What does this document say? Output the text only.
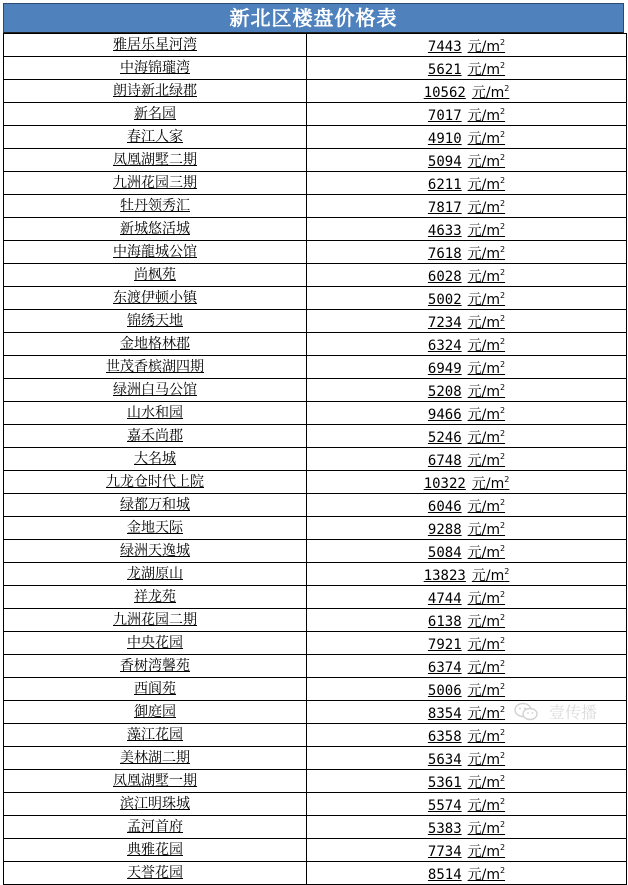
新北区楼盘价格表
雅居乐星河湾	7443 元$/m^2$
中海锦瓏湾	5621 元$/m^2$
朗诗新北绿郡	10562 元$/m^2$
新名园	7017 元$/m^2$
春江人家	4910 元$/m^2$
凤凰湖墅二期	5094 元$/m^2$
九洲花园三期	6211 元$/m^2$
牡丹领秀汇	7817 元$/m^2$
新城悠活城	4633 元$/m^2$
中海龍城公馆	7618 元$/m^2$
尚枫苑	6028 元$/m^2$
东渡伊顿小镇	5002 元$/m^2$
锦绣天地	7234 元$/m^2$
金地格林郡	6324 元$/m^2$
世茂香槟湖四期	6949 元$/m^2$
绿洲白马公馆	5208 元$/m^2$
山水和园	9466 元$/m^2$
嘉禾尚郡	5246 元$/m^2$
大名城	6748 元$/m^2$
九龙仓时代上院	10322 元$/m^2$
绿都万和城	6046 元$/m^2$
金地天际	9288 元$/m^2$
绿洲天逸城	5084 元$/m^2$
龙湖原山	13823 元$/m^2$
祥龙苑	4744 元$/m^2$
九洲花园二期	6138 元$/m^2$
中央花园	7921 元$/m^2$
香树湾馨苑	6374 元$/m^2$
西阆苑	5006 元$/m^2$
御庭园	8354 元$/m^2$
藻江花园	6358 元$/m^2$
美林湖二期	5634 元$/m^2$
凤凰湖墅一期	5361 元$/m^2$
滨江明珠城	5574 元$/m^2$
孟河首府	5383 元$/m^2$
典雅花园	7734 元$/m^2$
天誉花园	8514 元$/m^2$
壹传播
